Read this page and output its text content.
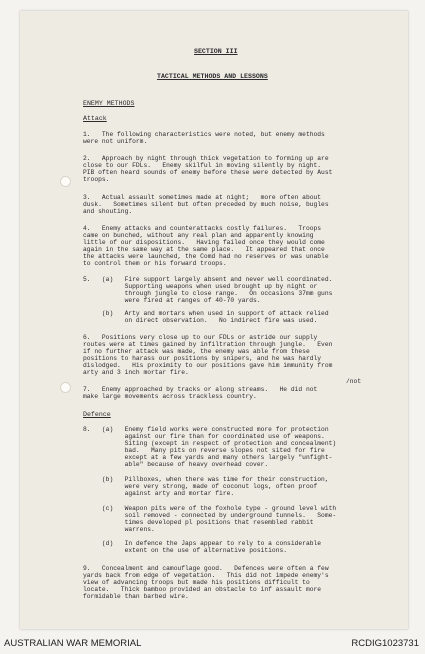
SECTION III
TACTICAL METHODS AND LESSONS
ENEMY METHODS
Attack
1.   The following characteristics were noted, but enemy methods
were not uniform.
2.   Approach by night through thick vegetation to forming up are
close to our FDLs.   Enemy skilful in moving silently by night.
PIB often heard sounds of enemy before these were detected by Aust
troops.
3.   Actual assault sometimes made at night;   more often about
dusk.   Sometimes silent but often preceded by much noise, bugles
and shouting.
4.   Enemy attacks and counterattacks costly failures.   Troops
came on bunched, without any real plan and apparently knowing
little of our dispositions.   Having failed once they would come
again in the same way at the same place.   It appeared that once
the attacks were launched, the Comd had no reserves or was unable
to control them or his forward troops.
5.   (a)   Fire support largely absent and never well coordinated.
Supporting weapons when used brought up by night or
through jungle to close range.   On occasions 37mm guns
were fired at ranges of 40-70 yards.
(b)   Arty and mortars when used in support of attack relied
on direct observation.   No indirect fire was used.
6.   Positions very close up to our FDLs or astride our supply
routes were at times gained by infiltration through jungle.   Even
if no further attack was made, the enemy was able from these
positions to harass our positions by snipers, and he was hardly
dislodged.   His proximity to our positions gave him immunity from
arty and 3 inch mortar fire.
/not
7.   Enemy approached by tracks or along streams.   He did not
make large movements across trackless country.
Defence
8.   (a)   Enemy field works were constructed more for protection
against our fire than for coordinated use of weapons.
Siting (except in respect of protection and concealment)
bad.   Many pits on reverse slopes not sited for fire
except at a few yards and many others largely "unfight-
able" because of heavy overhead cover.
(b)   Pillboxes, when there was time for their construction,
were very strong, made of coconut logs, often proof
against arty and mortar fire.
(c)   Weapon pits were of the foxhole type - ground level with
soil removed - connected by underground tunnels.   Some-
times developed pl positions that resembled rabbit
warrens.
(d)   In defence the Japs appear to rely to a considerable
extent on the use of alternative positions.
9.   Concealment and camouflage good.   Defences were often a few
yards back from edge of vegetation.   This did not impede enemy's
view of advancing troops but made his positions difficult to
locate.   Thick bamboo provided an obstacle to inf assault more
formidable than barbed wire.
AUSTRALIAN WAR MEMORIAL	RCDIG1023731
